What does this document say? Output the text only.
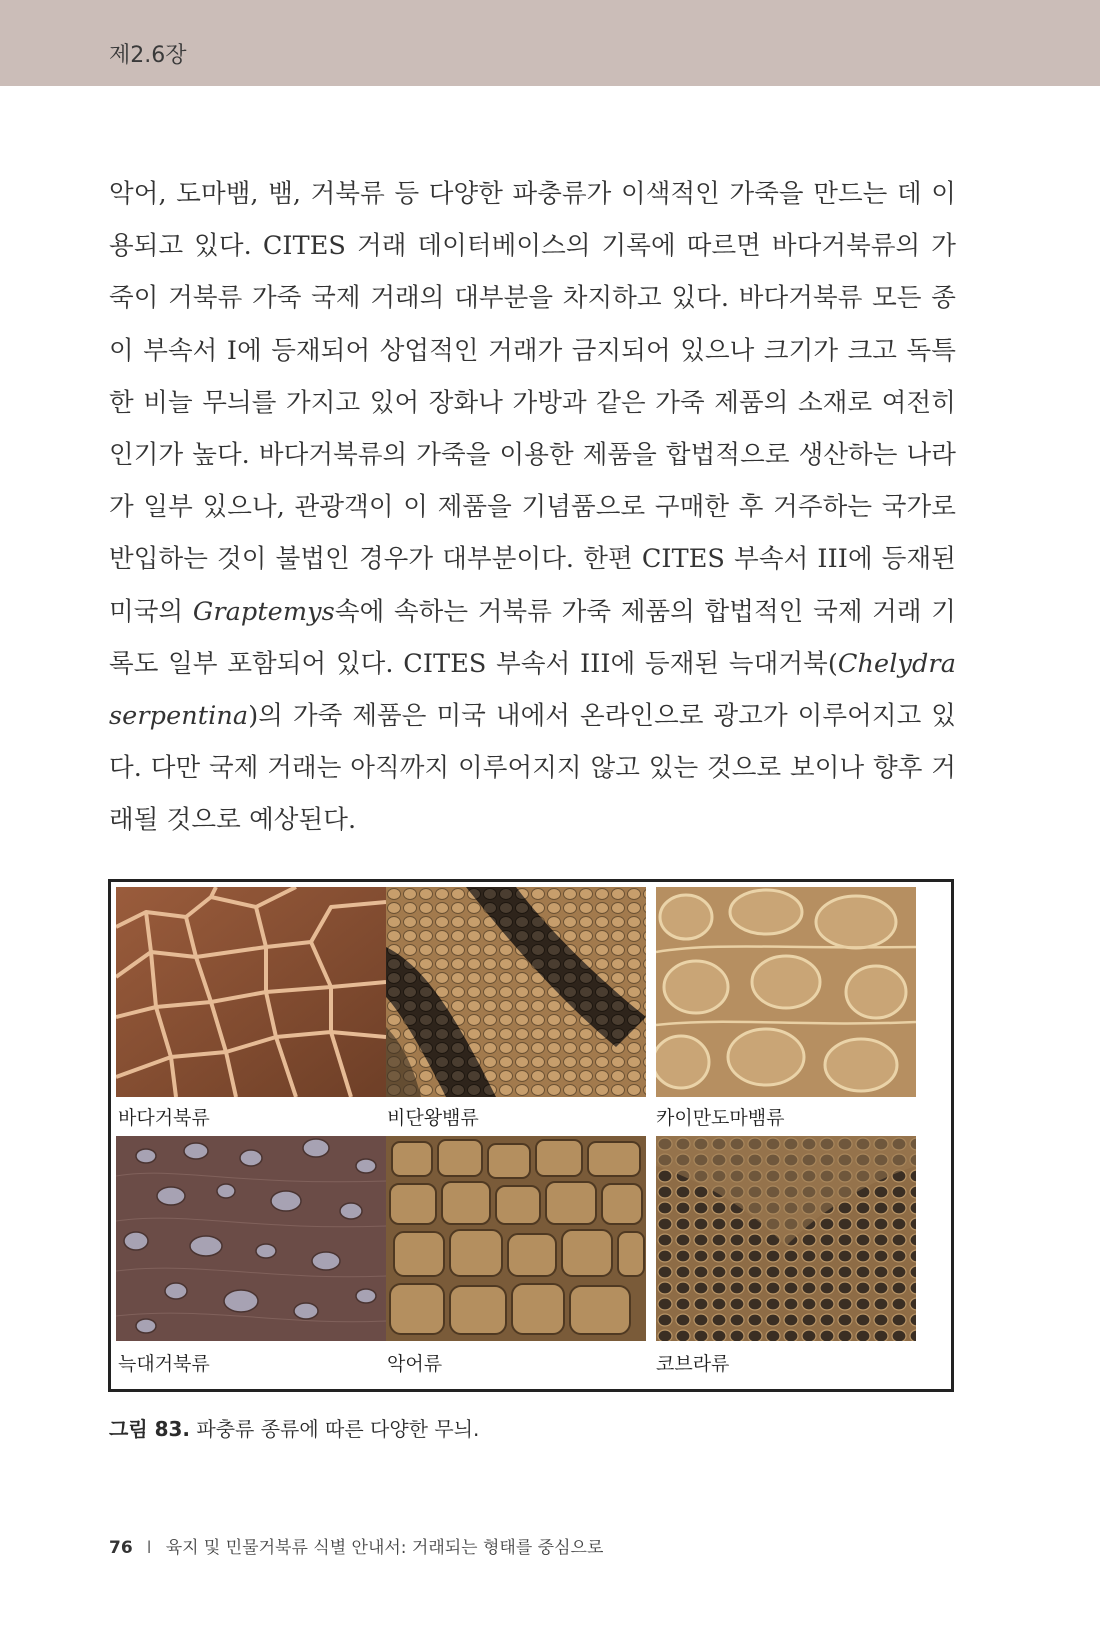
제2.6장

악어, 도마뱀, 뱀, 거북류 등 다양한 파충류가 이색적인 가죽을 만드는 데 이용되고 있다. CITES 거래 데이터베이스의 기록에 따르면 바다거북류의 가죽이 거북류 가죽 국제 거래의 대부분을 차지하고 있다. 바다거북류 모든 종이 부속서 I에 등재되어 상업적인 거래가 금지되어 있으나 크기가 크고 독특한 비늘 무늬를 가지고 있어 장화나 가방과 같은 가죽 제품의 소재로 여전히 인기가 높다. 바다거북류의 가죽을 이용한 제품을 합법적으로 생산하는 나라가 일부 있으나, 관광객이 이 제품을 기념품으로 구매한 후 거주하는 국가로 반입하는 것이 불법인 경우가 대부분이다. 한편 CITES 부속서 III에 등재된 미국의 Graptemys속에 속하는 거북류 가죽 제품의 합법적인 국제 거래 기록도 일부 포함되어 있다. CITES 부속서 III에 등재된 늑대거북(Chelydra serpentina)의 가죽 제품은 미국 내에서 온라인으로 광고가 이루어지고 있다. 다만 국제 거래는 아직까지 이루어지지 않고 있는 것으로 보이나 향후 거래될 것으로 예상된다.

바다거북류	비단왕뱀류	카이만도마뱀류
늑대거북류	악어류	코브라류
그림 83. 파충류 종류에 따른 다양한 무늬.
76 I 육지 및 민물거북류 식별 안내서: 거래되는 형태를 중심으로
